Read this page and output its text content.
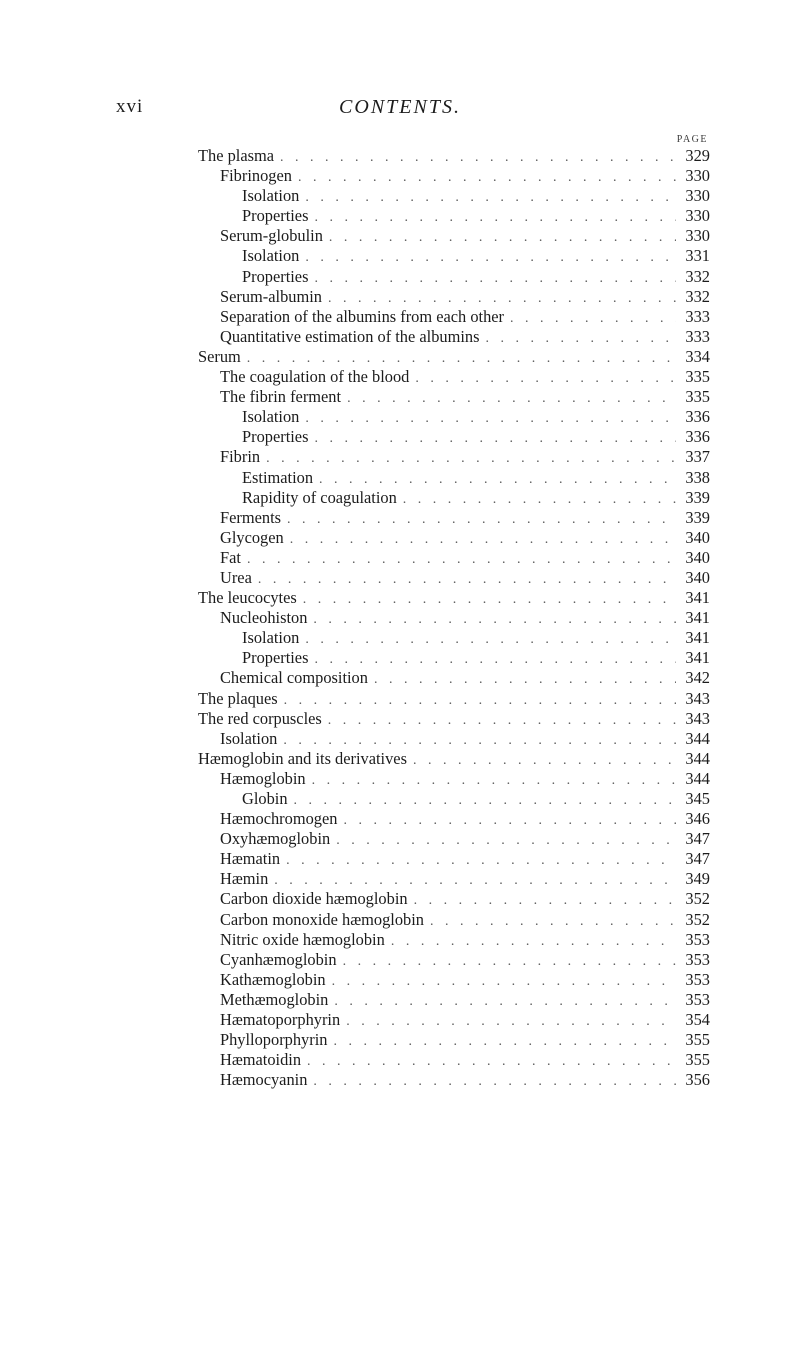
xvi	CONTENTS.
PAGE
The plasma . . .	329
Fibrinogen . . .	330
Isolation . . .	330
Properties . . .	330
Serum-globulin . . .	330
Isolation . . .	331
Properties . . .	332
Serum-albumin . . .	332
Separation of the albumins from each other . . .	333
Quantitative estimation of the albumins . . .	333
Serum . . .	334
The coagulation of the blood . . .	335
The fibrin ferment . . .	335
Isolation . . .	336
Properties . . .	336
Fibrin . . .	337
Estimation . . .	338
Rapidity of coagulation . . .	339
Ferments . . .	339
Glycogen . . .	340
Fat . . .	340
Urea . . .	340
The leucocytes . . .	341
Nucleohiston . . .	341
Isolation . . .	341
Properties . . .	341
Chemical composition . . .	342
The plaques . . .	343
The red corpuscles . . .	343
Isolation . . .	344
Hæmoglobin and its derivatives . . .	344
Hæmoglobin . . .	344
Globin . . .	345
Hæmochromogen . . .	346
Oxyhæmoglobin . . .	347
Hæmatin . . .	347
Hæmin . . .	349
Carbon dioxide hæmoglobin . . .	352
Carbon monoxide hæmoglobin . . .	352
Nitric oxide hæmoglobin . . .	353
Cyanhæmoglobin . . .	353
Kathæmoglobin . . .	353
Methæmoglobin . . .	353
Hæmatoporphyrin . . .	354
Phylloporphyrin . . .	355
Hæmatoidin . . .	355
Hæmocyanin . . .	356
